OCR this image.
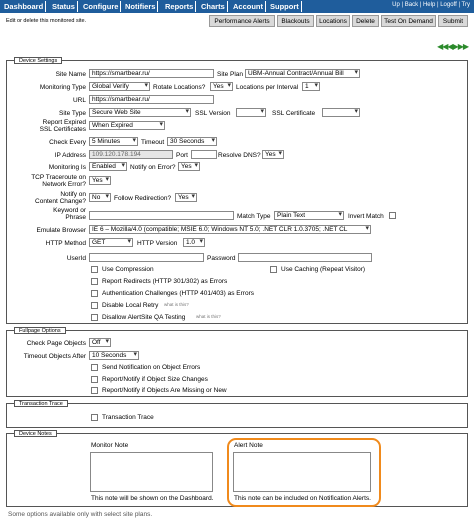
Dashboard	Status	Configure Notifiers	Reports	Charts	Account Support	Up | Back | Help | Logoff | Try
Edit or delete this monitored site.	Performance Alerts	Blackouts	Locations	Delete	Test On Demand	Submit
◀◀◀▶▶▶
Device Settings
Site Name https://smartbear.ru/	Site Plan UBM-Annual Contract/Annual Bill ▾
Monitoring Type Global Verify ▾	Rotate Locations?	Yes ▾	Locations per Interval	1 ▾
URL https://smartbear.ru/
Site Type Secure Web Site ▾	SSL Version
▾	SSL Certificate
▾
Report Expired
SSL Certificates
When Expired ▾
Check Every 5 Minutes ▾	Timeout 30 Seconds ▾
IP Address 109.120.178.194	Port	Resolve DNS? Yes ▾
Monitoring Is Enabled ▾	Notify on Error? Yes ▾
TCP Traceroute on
Network Error?
Yes ▾
Notify on
Content Change?
No ▾	Follow Redirection?	Yes ▾
Keyword or
Phrase	Match Type	Plain Text ▾	Invert Match
Emulate Browser IE 6 – Mozilla/4.0 (compatible; MSIE 6.0; Windows NT 5.0; .NET CLR 1.0.3705; .NET CL ▾
HTTP Method GET ▾	HTTP Version	1.0 ▾
UserId	Password
Use Compression	Use Caching (Repeat Visitor)
Report Redirects (HTTP 301/302) as Errors
Authentication Challenges (HTTP 401/403) as Errors
Disable Local Retry what is this?
Disallow AlertSite QA Testing what is this?
Fullpage Options
Check Page Objects Off ▾
Timeout Objects After 10 Seconds ▾
Send Notification on Object Errors
Report/Notify if Object Size Changes
Report/Notify if Objects Are Missing or New
Transaction Trace
Transaction Trace
Device Notes
Monitor Note
This note will be shown on the Dashboard.
Alert Note
This note can be included on Notification Alerts.
Some options available only with select site plans.
